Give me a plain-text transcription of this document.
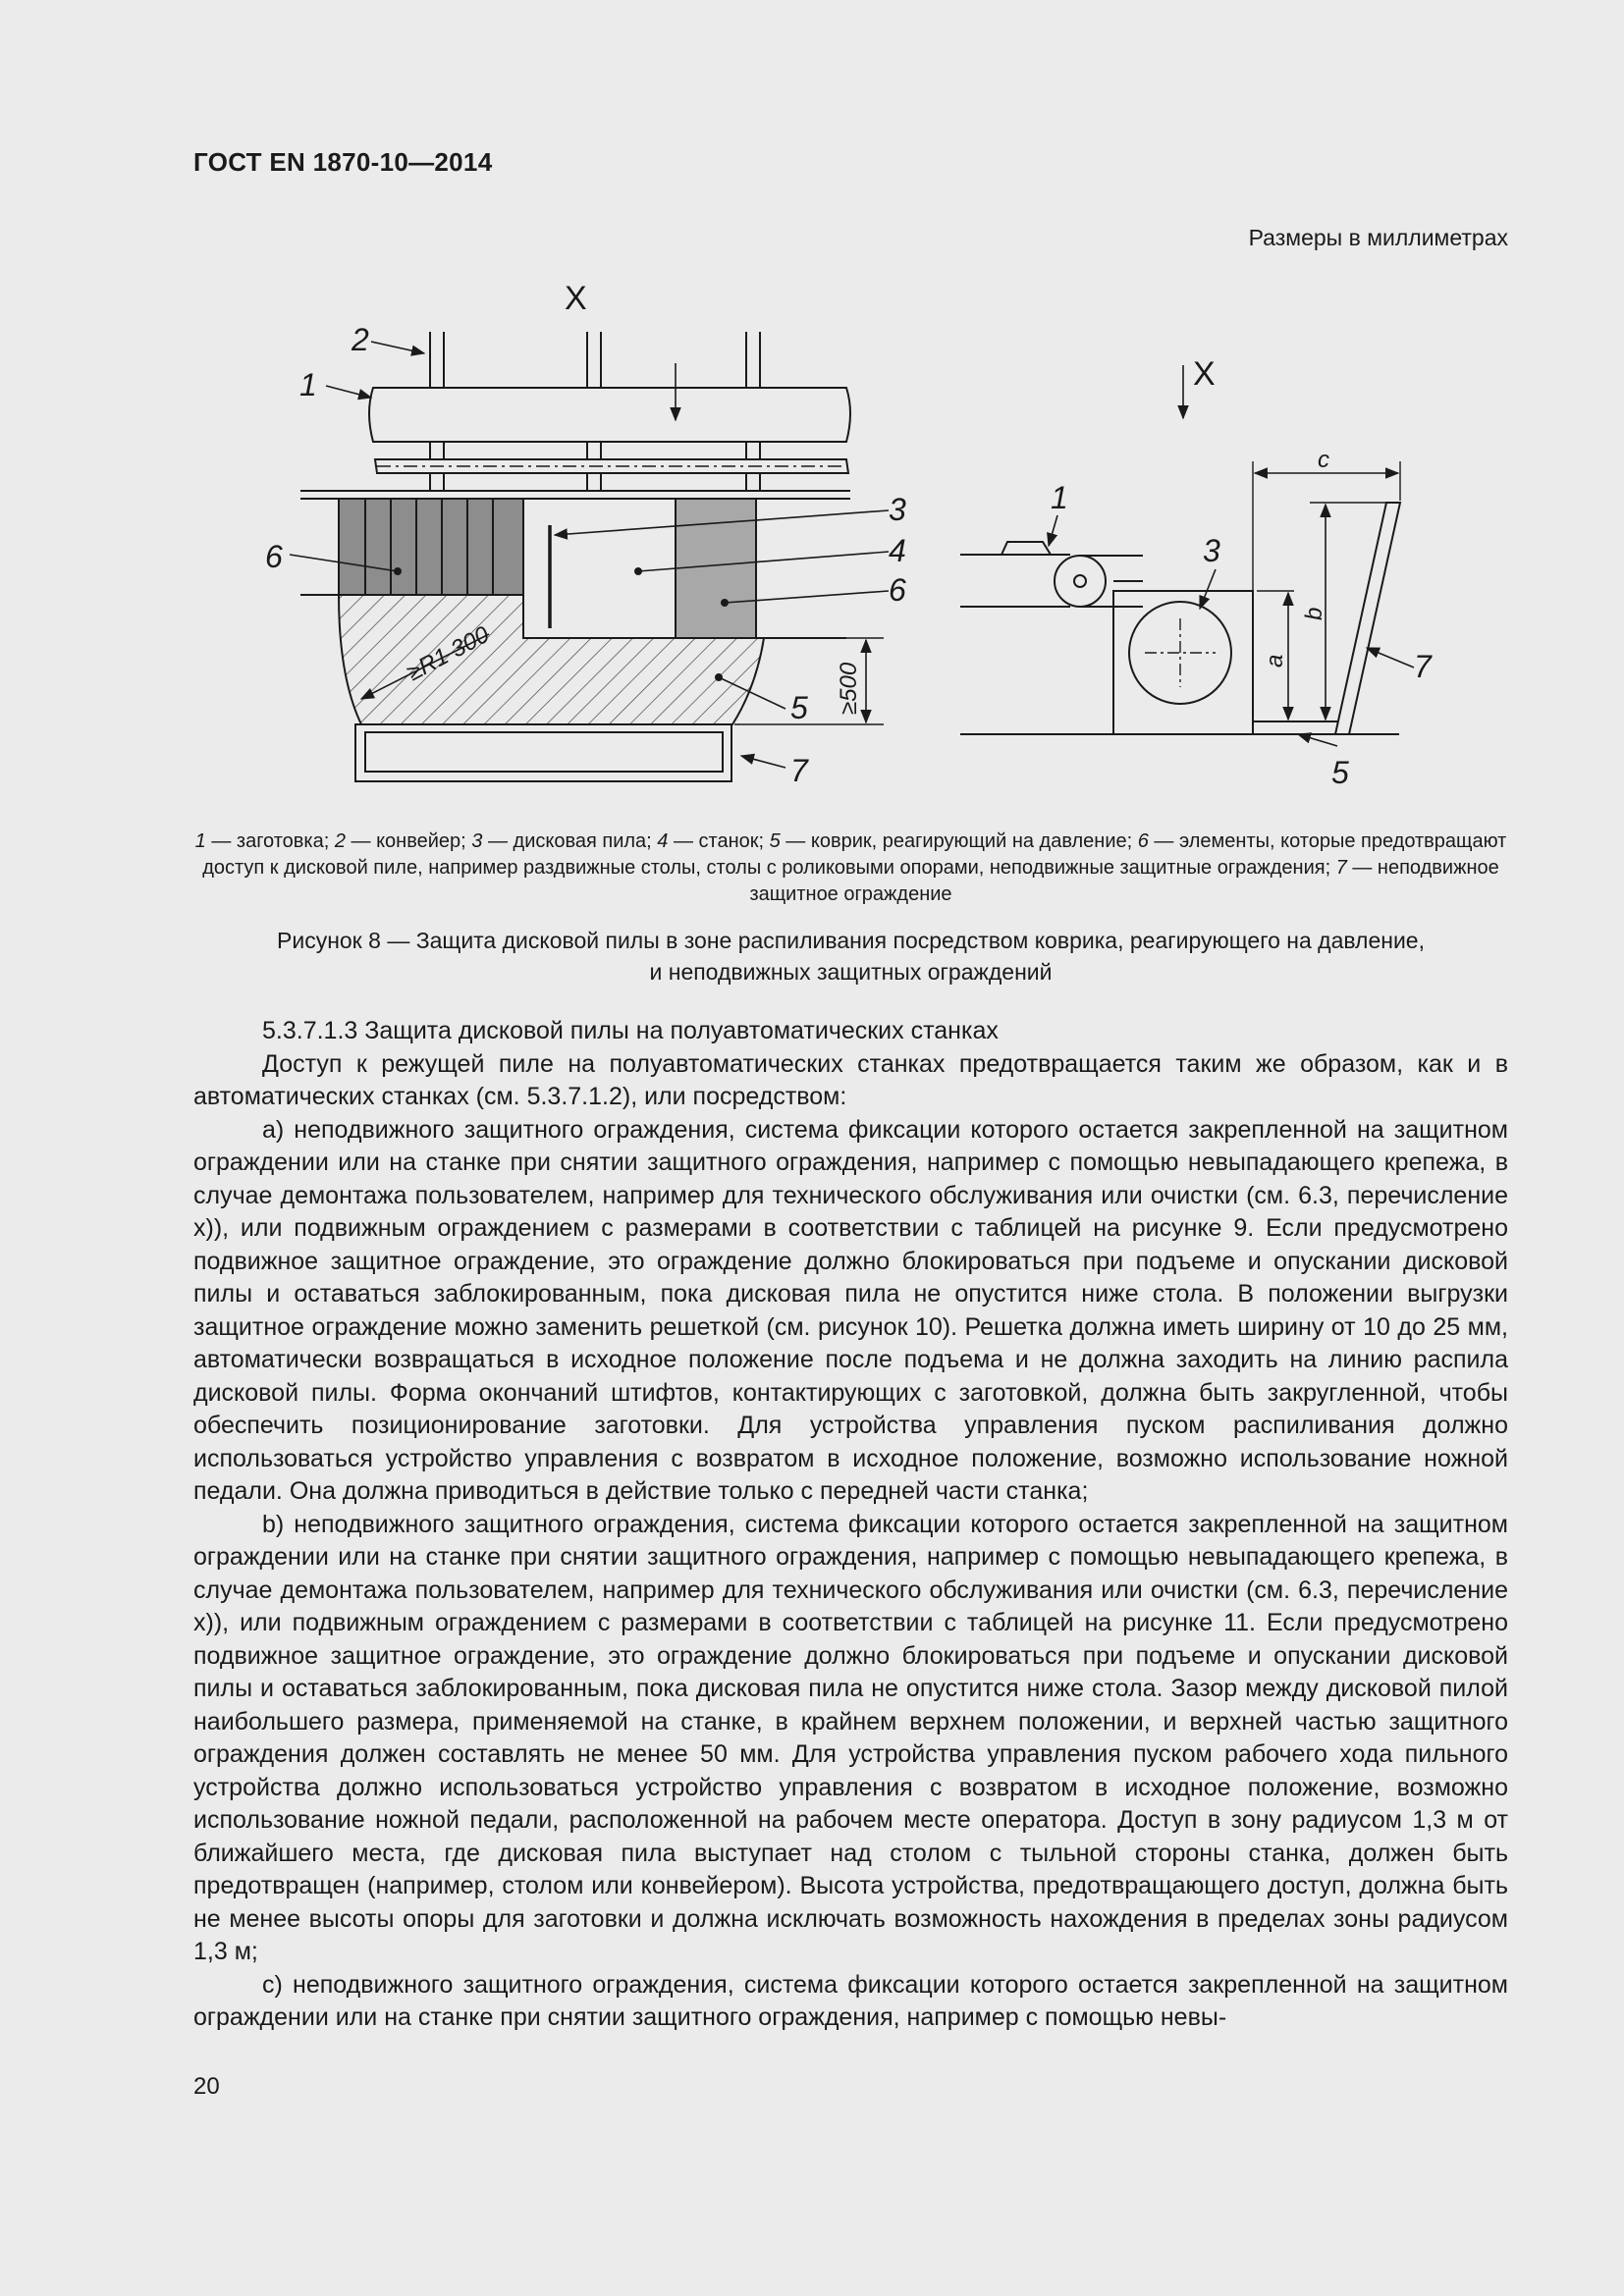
ГОСТ EN 1870-10—2014
Размеры в миллиметрах
X
X
2
1
6
3
4
6
5
7
≥R1 300
≥500
1
3
7
5
c
b
a
1 — заготовка; 2 — конвейер; 3 — дисковая пила; 4 — станок; 5 — коврик, реагирующий на давление; 6 — элементы, которые предотвращают доступ к дисковой пиле, например раздвижные столы, столы с роликовыми опорами, неподвижные защитные ограждения; 7 — неподвижное защитное ограждение
Рисунок 8 — Защита дисковой пилы в зоне распиливания посредством коврика, реагирующего на давление,
и неподвижных защитных ограждений

5.3.7.1.3 Защита дисковой пилы на полуавтоматических станках

Доступ к режущей пиле на полуавтоматических станках предотвращается таким же образом, как и в автоматических станках (см. 5.3.7.1.2), или посредством:

a) неподвижного защитного ограждения, система фиксации которого остается закрепленной на защитном ограждении или на станке при снятии защитного ограждения, например с помощью невыпадающего крепежа, в случае демонтажа пользователем, например для технического обслуживания или очистки (см. 6.3, перечисление x)), или подвижным ограждением с размерами в соответствии с таблицей на рисунке 9. Если предусмотрено подвижное защитное ограждение, это ограждение должно блокироваться при подъеме и опускании дисковой пилы и оставаться заблокированным, пока дисковая пила не опустится ниже стола. В положении выгрузки защитное ограждение можно заменить решеткой (см. рисунок 10). Решетка должна иметь ширину от 10 до 25 мм, автоматически возвращаться в исходное положение после подъема и не должна заходить на линию распила дисковой пилы. Форма окончаний штифтов, контактирующих с заготовкой, должна быть закругленной, чтобы обеспечить позиционирование заготовки. Для устройства управления пуском распиливания должно использоваться устройство управления с возвратом в исходное положение, возможно использование ножной педали. Она должна приводиться в действие только с передней части станка;

b) неподвижного защитного ограждения, система фиксации которого остается закрепленной на защитном ограждении или на станке при снятии защитного ограждения, например с помощью невыпадающего крепежа, в случае демонтажа пользователем, например для технического обслуживания или очистки (см. 6.3, перечисление x)), или подвижным ограждением с размерами в соответствии с таблицей на рисунке 11. Если предусмотрено подвижное защитное ограждение, это ограждение должно блокироваться при подъеме и опускании дисковой пилы и оставаться заблокированным, пока дисковая пила не опустится ниже стола. Зазор между дисковой пилой наибольшего размера, применяемой на станке, в крайнем верхнем положении, и верхней частью защитного ограждения должен составлять не менее 50 мм. Для устройства управления пуском рабочего хода пильного устройства должно использоваться устройство управления с возвратом в исходное положение, возможно использование ножной педали, расположенной на рабочем месте оператора. Доступ в зону радиусом 1,3 м от ближайшего места, где дисковая пила выступает над столом с тыльной стороны станка, должен быть предотвращен (например, столом или конвейером). Высота устройства, предотвращающего доступ, должна быть не менее высоты опоры для заготовки и должна исключать возможность нахождения в пределах зоны радиусом 1,3 м;

c) неподвижного защитного ограждения, система фиксации которого остается закрепленной на защитном ограждении или на станке при снятии защитного ограждения, например с помощью невы-

20
